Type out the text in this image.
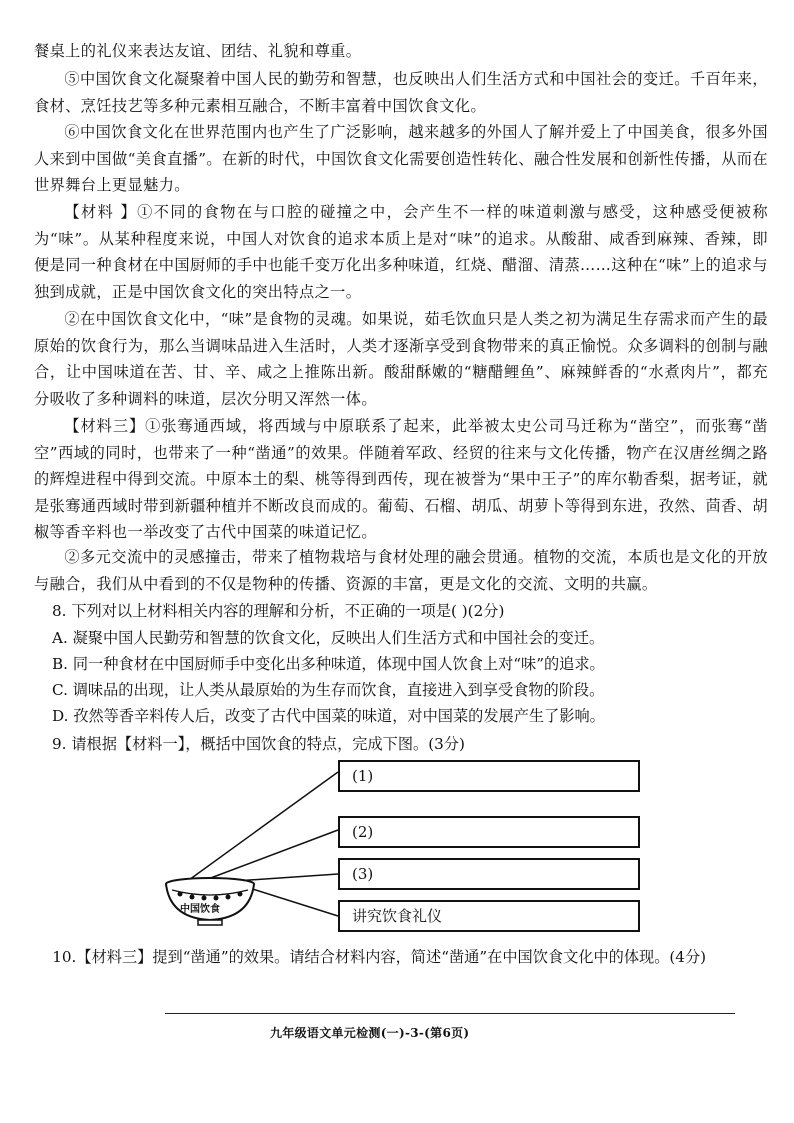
餐桌上的礼仪来表达友谊、团结、礼貌和尊重。

⑤中国饮食文化凝聚着中国人民的勤劳和智慧，也反映出人们生活方式和中国社会的变迁。千百年来，食材、烹饪技艺等多种元素相互融合，不断丰富着中国饮食文化。

⑥中国饮食文化在世界范围内也产生了广泛影响，越来越多的外国人了解并爱上了中国美食，很多外国人来到中国做“美食直播”。在新的时代，中国饮食文化需要创造性转化、融合性发展和创新性传播，从而在世界舞台上更显魅力。

【材料 】①不同的食物在与口腔的碰撞之中，会产生不一样的味道刺激与感受，这种感受便被称为“味”。从某种程度来说，中国人对饮食的追求本质上是对“味”的追求。从酸甜、咸香到麻辣、香辣，即便是同一种食材在中国厨师的手中也能千变万化出多种味道，红烧、醋溜、清蒸……这种在“味”上的追求与独到成就，正是中国饮食文化的突出特点之一。

②在中国饮食文化中，“味”是食物的灵魂。如果说，茹毛饮血只是人类之初为满足生存需求而产生的最原始的饮食行为，那么当调味品进入生活时，人类才逐渐享受到食物带来的真正愉悦。众多调料的创制与融合，让中国味道在苦、甘、辛、咸之上推陈出新。酸甜酥嫩的“糖醋鲤鱼”、麻辣鲜香的“水煮肉片”，都充分吸收了多种调料的味道，层次分明又浑然一体。

【材料三】①张骞通西域，将西域与中原联系了起来，此举被太史公司马迁称为“凿空”，而张骞“凿空”西域的同时，也带来了一种“凿通”的效果。伴随着军政、经贸的往来与文化传播，物产在汉唐丝绸之路的辉煌进程中得到交流。中原本土的梨、桃等得到西传，现在被誉为“果中王子”的库尔勒香梨，据考证，就是张骞通西域时带到新疆种植并不断改良而成的。葡萄、石榴、胡瓜、胡萝卜等得到东进，孜然、茴香、胡椒等香辛料也一举改变了古代中国菜的味道记忆。

②多元交流中的灵感撞击，带来了植物栽培与食材处理的融会贯通。植物的交流，本质也是文化的开放与融合，我们从中看到的不仅是物种的传播、资源的丰富，更是文化的交流、文明的共赢。

8. 下列对以上材料相关内容的理解和分析，不正确的一项是( )(2分)

A. 凝聚中国人民勤劳和智慧的饮食文化，反映出人们生活方式和中国社会的变迁。

B. 同一种食材在中国厨师手中变化出多种味道，体现中国人饮食上对“味”的追求。

C. 调味品的出现，让人类从最原始的为生存而饮食，直接进入到享受食物的阶段。

D. 孜然等香辛料传人后，改变了古代中国菜的味道，对中国菜的发展产生了影响。

9. 请根据【材料一】，概括中国饮食的特点，完成下图。(3分)

中国饮食
(1)
(2)
(3)
讲究饮食礼仪

10.【材料三】提到“凿通”的效果。请结合材料内容，简述“凿通”在中国饮食文化中的体现。(4分)

九年级语文单元检测(一)-3-(第6页)
